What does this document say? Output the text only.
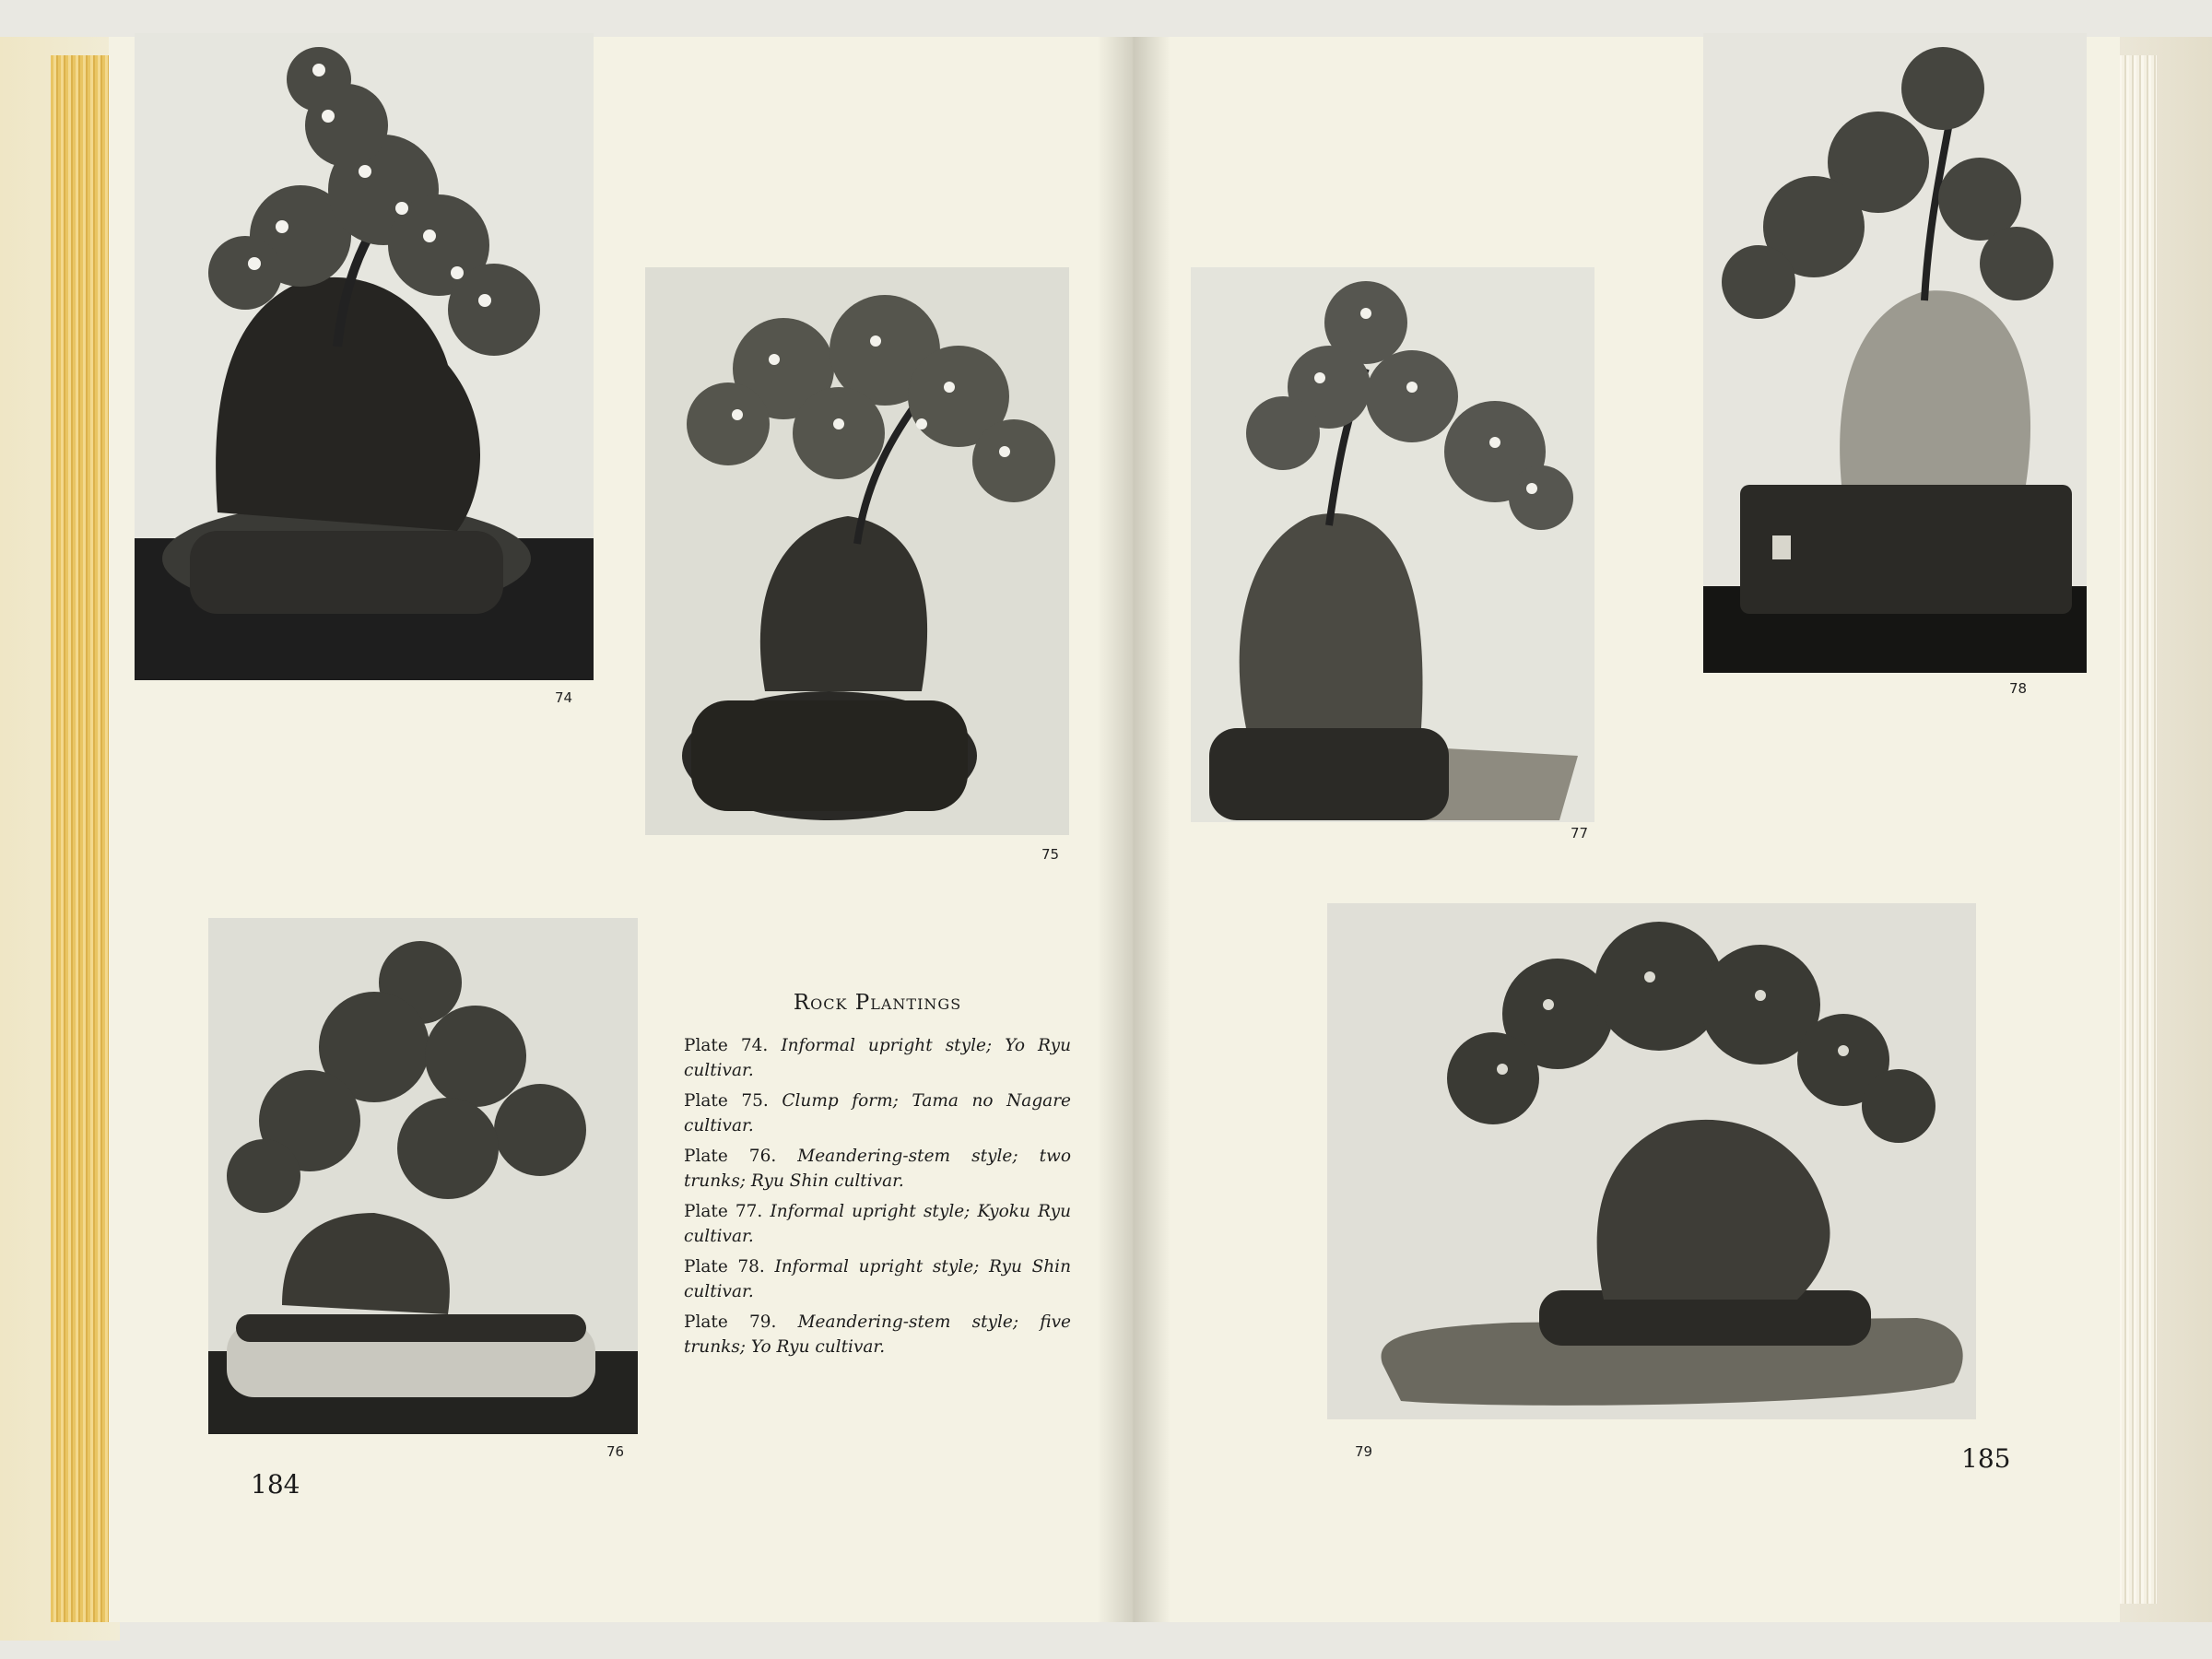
74
75
76
77
78
79
Rock Plantings
Plate 74. Informal upright style; Yo Ryu cultivar.
Plate 75. Clump form; Tama no Nagare cultivar.
Plate 76. Meandering-stem style; two trunks; Ryu Shin cultivar.
Plate 77. Informal upright style; Kyoku Ryu cultivar.
Plate 78. Informal upright style; Ryu Shin cultivar.
Plate 79. Meandering-stem style; five trunks; Yo Ryu cultivar.
184
185
